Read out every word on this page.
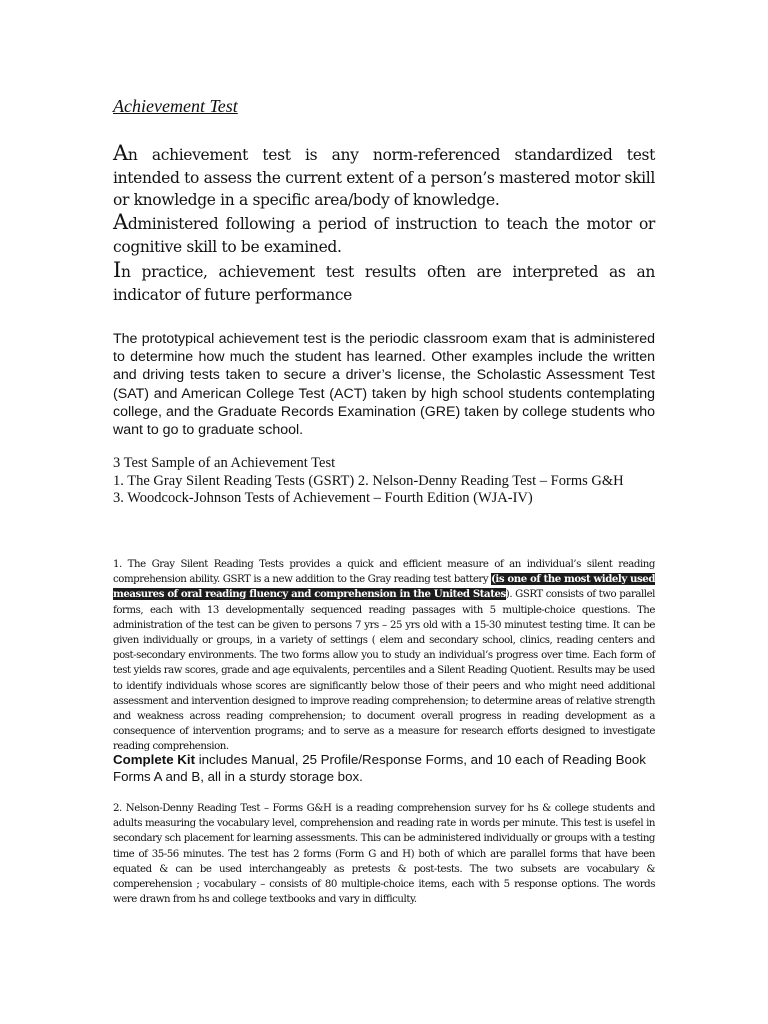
Achievement Test

An achievement test is any norm-referenced standardized test intended to assess the current extent of a person’s mastered motor skill or knowledge in a specific area/body of knowledge.

Administered following a period of instruction to teach the motor or cognitive skill to be examined.

In practice, achievement test results often are interpreted as an indicator of future performance

The prototypical achievement test is the periodic classroom exam that is administered to determine how much the student has learned. Other examples include the written and driving tests taken to secure a driver’s license, the Scholastic Assessment Test (SAT) and American College Test (ACT) taken by high school students contemplating college, and the Graduate Records Examination (GRE) taken by college students who want to go to graduate school.

3 Test Sample of an Achievement Test
1. The Gray Silent Reading Tests (GSRT) 2. Nelson-Denny Reading Test – Forms G&H
3. Woodcock-Johnson Tests of Achievement – Fourth Edition (WJA-IV)

1. The Gray Silent Reading Tests provides a quick and efficient measure of an individual’s silent reading comprehension ability. GSRT is a new addition to the Gray reading test battery (is one of the most widely used measures of oral reading fluency and comprehension in the United States). GSRT consists of two parallel forms, each with 13 developmentally sequenced reading passages with 5 multiple-choice questions. The administration of the test can be given to persons 7 yrs – 25 yrs old with a 15-30 minutest testing time. It can be given individually or groups, in a variety of settings ( elem and secondary school, clinics, reading centers and post-secondary environments. The two forms allow you to study an individual’s progress over time. Each form of test yields raw scores, grade and age equivalents, percentiles and a Silent Reading Quotient. Results may be used to identify individuals whose scores are significantly below those of their peers and who might need additional assessment and intervention designed to improve reading comprehension; to determine areas of relative strength and weakness across reading comprehension; to document overall progress in reading development as a consequence of intervention programs; and to serve as a measure for research efforts designed to investigate reading comprehension.

Complete Kit includes Manual, 25 Profile/Response Forms, and 10 each of Reading Book Forms A and B, all in a sturdy storage box.

2. Nelson-Denny Reading Test – Forms G&H is a reading comprehension survey for hs & college students and adults measuring the vocabulary level, comprehension and reading rate in words per minute. This test is usefel in secondary sch placement for learning assessments. This can be administered individually or groups with a testing time of 35-56 minutes. The test has 2 forms (Form G and H) both of which are parallel forms that have been equated & can be used interchangeably as pretests & post-tests. The two subsets are vocabulary & comperehension ; vocabulary – consists of 80 multiple-choice items, each with 5 response options. The words were drawn from hs and college textbooks and vary in difficulty.
